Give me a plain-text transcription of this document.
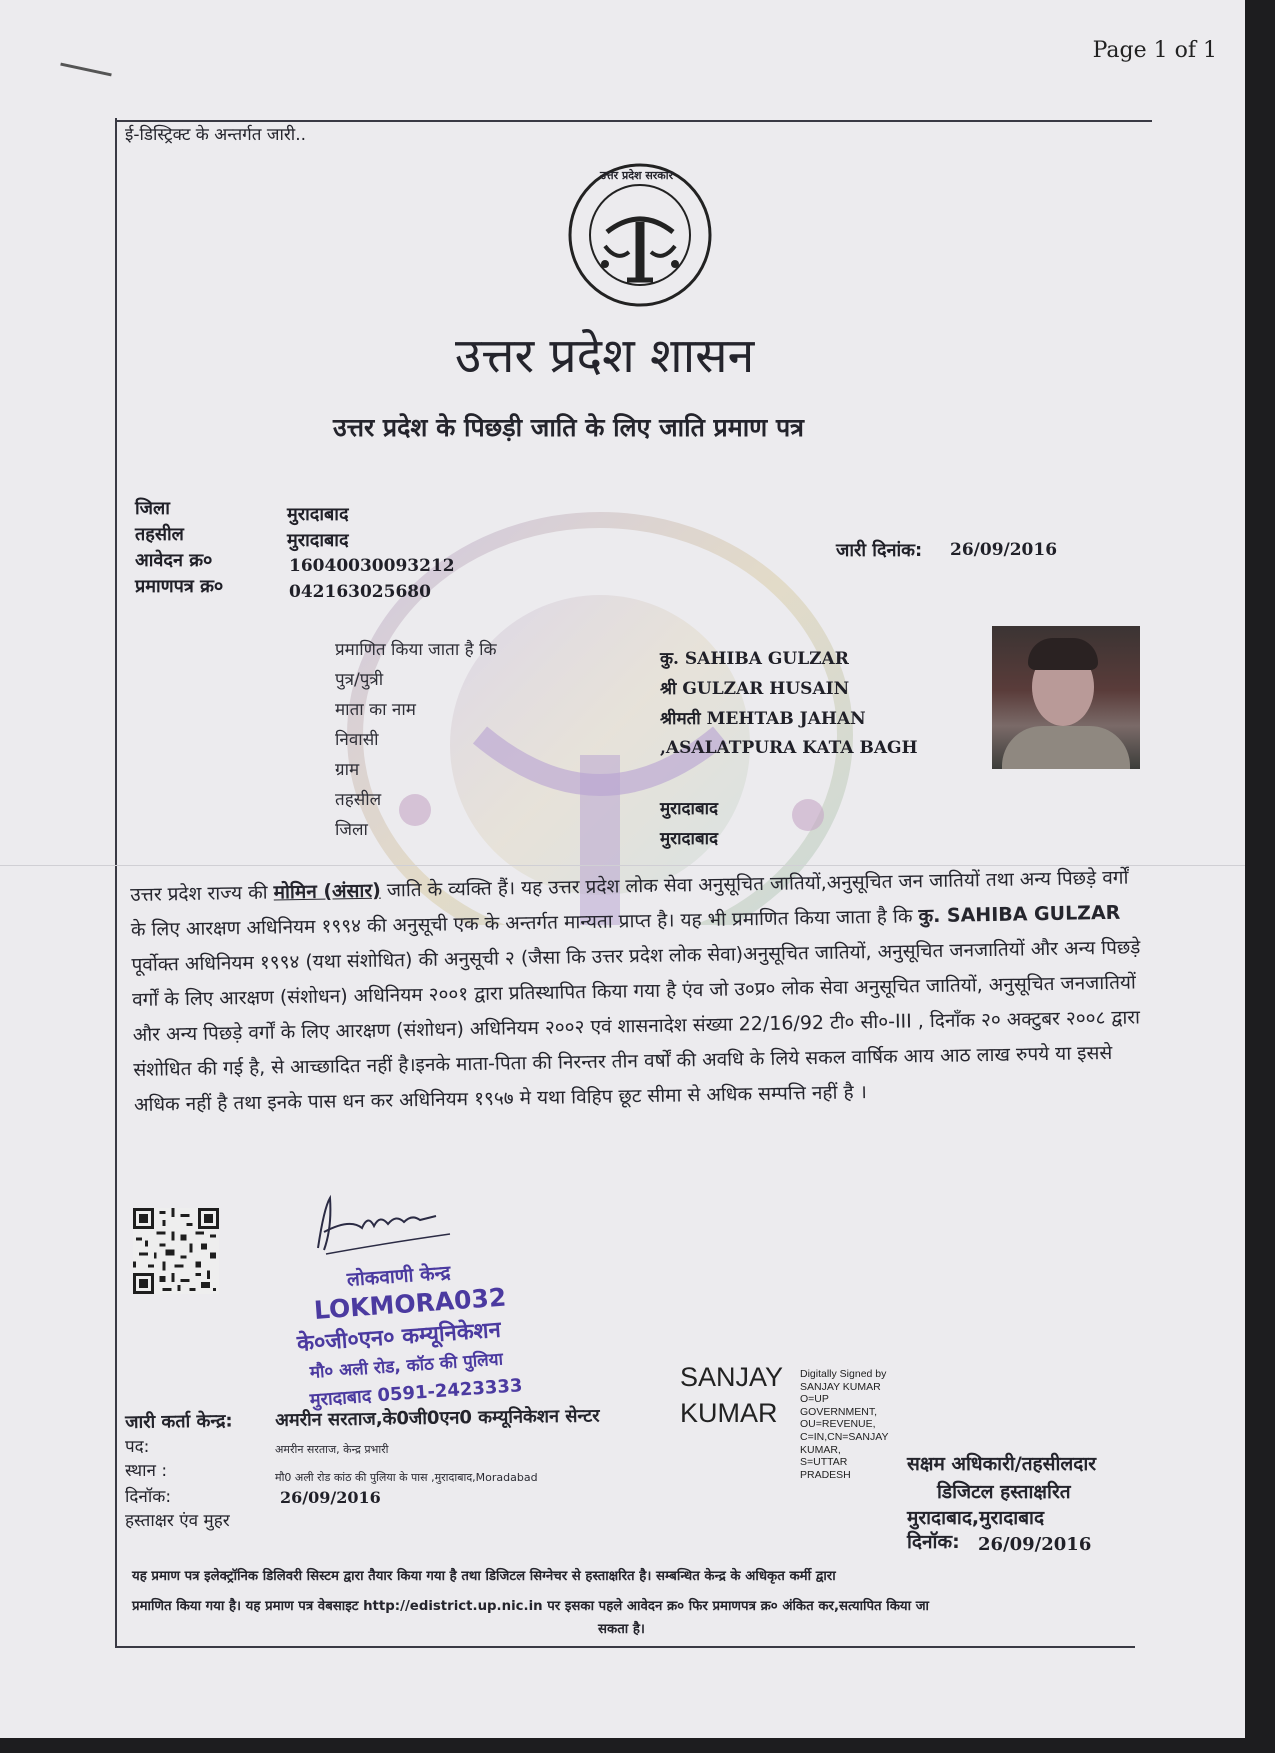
Page 1 of 1
ई-डिस्ट्रिक्ट के अन्तर्गत जारी..
उत्तर प्रदेश सरकार
उत्तर प्रदेश शासन
उत्तर प्रदेश के पिछड़ी जाति के लिए जाति प्रमाण पत्र
जिला	मुरादाबाद
तहसील	मुरादाबाद
आवेदन क्र०	16040030093212
प्रमाणपत्र क्र०	042163025680
जारी दिनांक: 26/09/2016
प्रमाणित किया जाता है कि	कु. SAHIBA GULZAR
पुत्र/पुत्री	श्री GULZAR HUSAIN
माता का नाम	श्रीमती MEHTAB JAHAN
निवासी	,ASALATPURA KATA BAGH
ग्राम
तहसील	मुरादाबाद
जिला	मुरादाबाद
उत्तर प्रदेश राज्य की मोमिन (अंसार) जाति के व्यक्ति हैं। यह उत्तर प्रदेश लोक सेवा अनुसूचित जातियों,अनुसूचित जन जातियों तथा अन्य पिछड़े वर्गों के लिए आरक्षण अधिनियम १९९४ की अनुसूची एक के अन्तर्गत मान्यता प्राप्त है। यह भी प्रमाणित किया जाता है कि कु. SAHIBA GULZAR पूर्वोक्त अधिनियम १९९४ (यथा संशोधित) की अनुसूची २ (जैसा कि उत्तर प्रदेश लोक सेवा)अनुसूचित जातियों, अनुसूचित जनजातियों और अन्य पिछड़े वर्गों के लिए आरक्षण (संशोधन) अधिनियम २००१ द्वारा प्रतिस्थापित किया गया है एंव जो उ०प्र० लोक सेवा अनुसूचित जातियों, अनुसूचित जनजातियों और अन्य पिछड़े वर्गों के लिए आरक्षण (संशोधन) अधिनियम २००२ एवं शासनादेश संख्या 22/16/92 टी० सी०-III , दिनाँक २० अक्टुबर २००८ द्वारा संशोधित की गई है, से आच्छादित नहीं है।इनके माता-पिता की निरन्तर तीन वर्षों की अवधि के लिये सकल वार्षिक आय आठ लाख रुपये या इससे अधिक नहीं है तथा इनके पास धन कर अधिनियम १९५७ मे यथा विहिप छूट सीमा से अधिक सम्पत्ति नहीं है ।
लोकवाणी केन्द्र
LOKMORA032
के०जी०एन० कम्यूनिकेशन
मौ० अली रोड, कॉठ की पुलिया
मुरादाबाद 0591-2423333
जारी कर्ता केन्द्र: अमरीन सरताज,के0जी0एन0 कम्यूनिकेशन सेन्टर
पद:	अमरीन सरताज, केन्द्र प्रभारी
स्थान :	मौ0 अली रोड कांठ की पुलिया के पास ,मुरादाबाद,Moradabad
दिनॉक:	26/09/2016
हस्ताक्षर एंव मुहर
SANJAY
KUMAR
Digitally Signed by
SANJAY KUMAR
O=UP
GOVERNMENT,
OU=REVENUE,
C=IN,CN=SANJAY
KUMAR,
S=UTTAR
PRADESH	सक्षम अधिकारी/तहसीलदार
डिजिटल हस्ताक्षरित
मुरादाबाद,मुरादाबाद
दिनॉक: 26/09/2016
यह प्रमाण पत्र इलेक्ट्रॉनिक डिलिवरी सिस्टम द्वारा तैयार किया गया है तथा डिजिटल सिग्नेचर से हस्ताक्षरित है। सम्बन्धित केन्द्र के अधिकृत कर्मी द्वारा
प्रमाणित किया गया है। यह प्रमाण पत्र वेबसाइट http://edistrict.up.nic.in पर इसका पहले आवेदन क्र० फिर प्रमाणपत्र क्र० अंकित कर,सत्यापित किया जा
सकता है।
